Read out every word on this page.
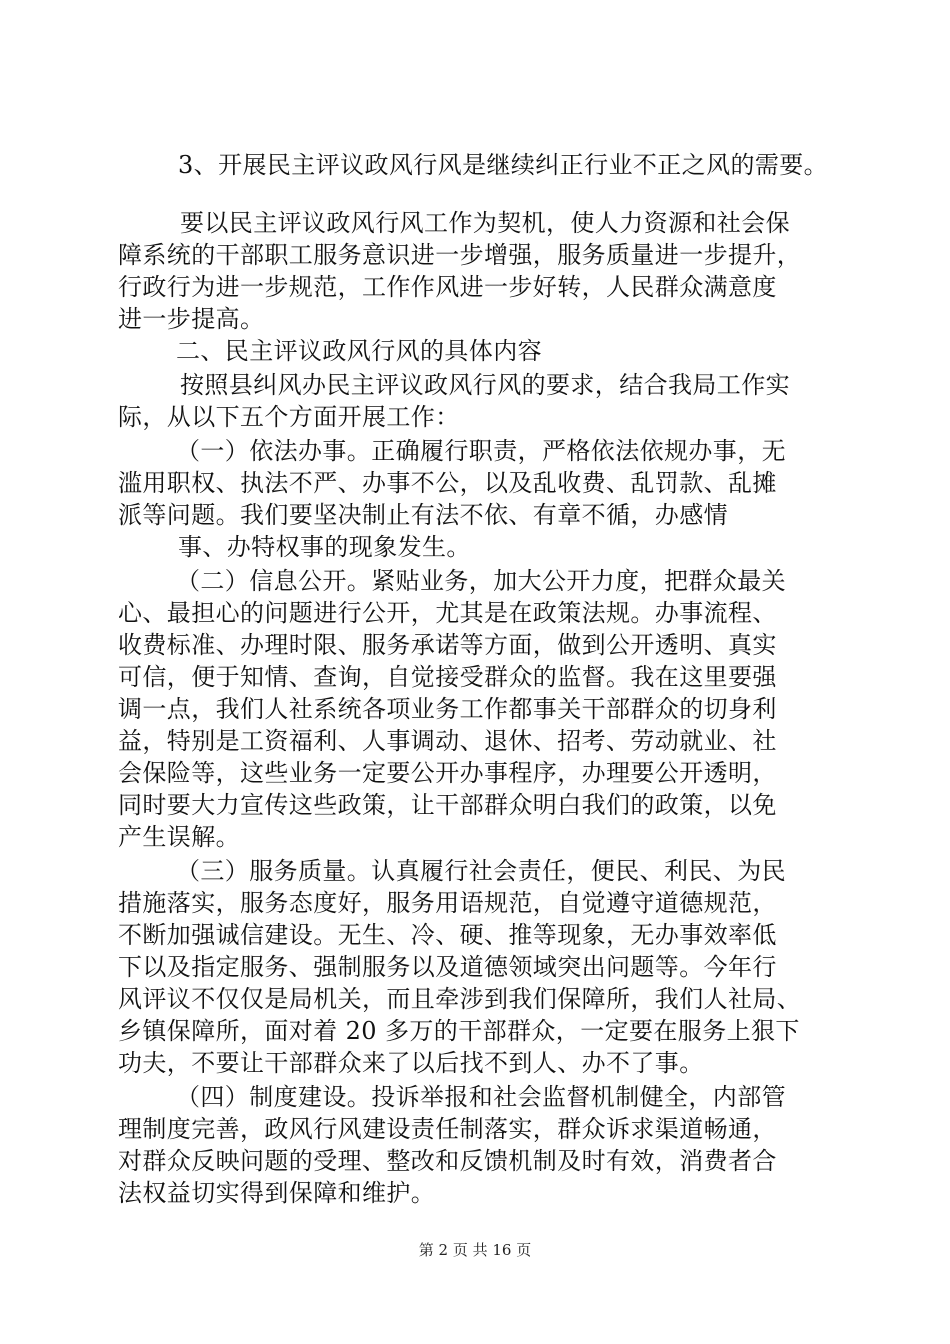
3、开展民主评议政风行风是继续纠正行业不正之风的需要。
要以民主评议政风行风工作为契机，使人力资源和社会保
障系统的干部职工服务意识进一步增强，服务质量进一步提升，
行政行为进一步规范，工作作风进一步好转，人民群众满意度
进一步提高。
二、民主评议政风行风的具体内容
按照县纠风办民主评议政风行风的要求，结合我局工作实
际，从以下五个方面开展工作：
（一）依法办事。正确履行职责，严格依法依规办事，无
滥用职权、执法不严、办事不公，以及乱收费、乱罚款、乱摊
派等问题。我们要坚决制止有法不依、有章不循，办感情
事、办特权事的现象发生。
（二）信息公开。紧贴业务，加大公开力度，把群众最关
心、最担心的问题进行公开，尤其是在政策法规。办事流程、
收费标准、办理时限、服务承诺等方面，做到公开透明、真实
可信，便于知情、查询，自觉接受群众的监督。我在这里要强
调一点，我们人社系统各项业务工作都事关干部群众的切身利
益，特别是工资福利、人事调动、退休、招考、劳动就业、社
会保险等，这些业务一定要公开办事程序，办理要公开透明，
同时要大力宣传这些政策，让干部群众明白我们的政策，以免
产生误解。
（三）服务质量。认真履行社会责任，便民、利民、为民
措施落实，服务态度好，服务用语规范，自觉遵守道德规范，
不断加强诚信建设。无生、冷、硬、推等现象，无办事效率低
下以及指定服务、强制服务以及道德领域突出问题等。今年行
风评议不仅仅是局机关，而且牵涉到我们保障所，我们人社局、
乡镇保障所，面对着 20 多万的干部群众，一定要在服务上狠下
功夫，不要让干部群众来了以后找不到人、办不了事。
（四）制度建设。投诉举报和社会监督机制健全，内部管
理制度完善，政风行风建设责任制落实，群众诉求渠道畅通，
对群众反映问题的受理、整改和反馈机制及时有效，消费者合
法权益切实得到保障和维护。
第 2 页 共 16 页
